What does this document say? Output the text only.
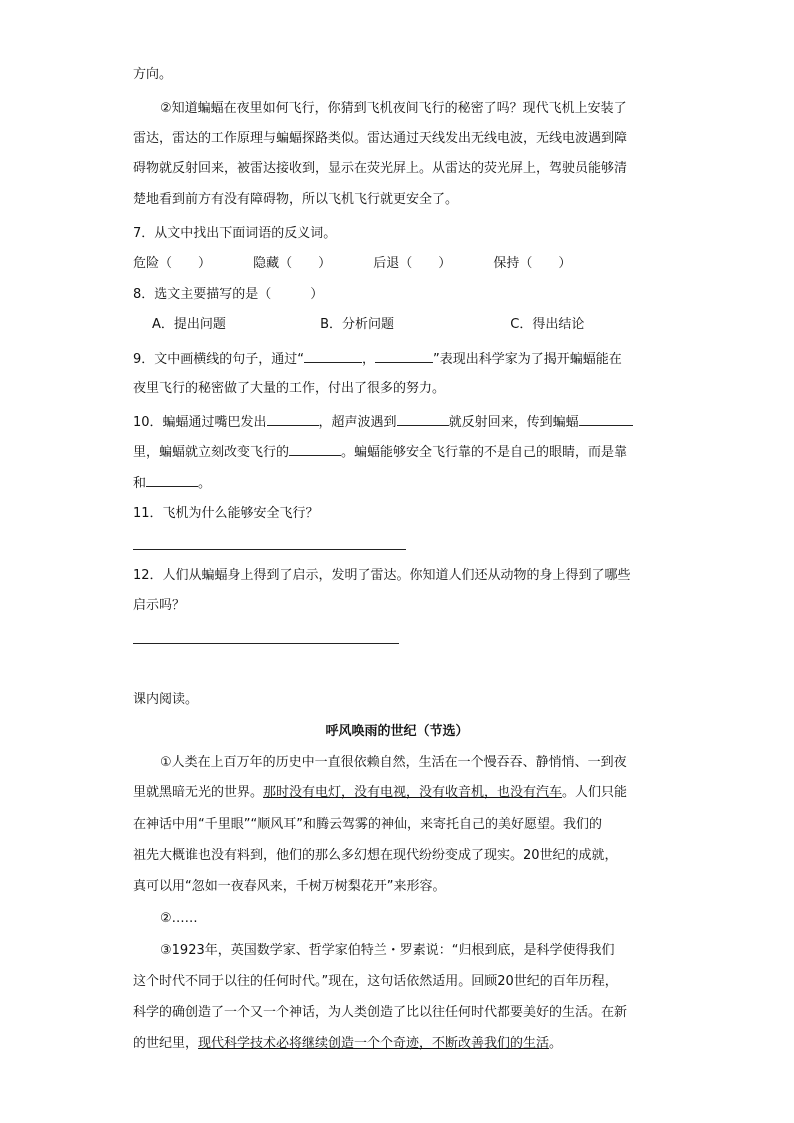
方向。
②知道蝙蝠在夜里如何飞行，你猜到飞机夜间飞行的秘密了吗？现代飞机上安装了
雷达，雷达的工作原理与蝙蝠探路类似。雷达通过天线发出无线电波，无线电波遇到障
碍物就反射回来，被雷达接收到，显示在荧光屏上。从雷达的荧光屏上，驾驶员能够清
楚地看到前方有没有障碍物，所以飞机飞行就更安全了。
7．从文中找出下面词语的反义词。
危险（　　）	隐藏（　　）	后退（　　）	保持（　　）
8．选文主要描写的是（　　　）
A．提出问题	B．分析问题	C．得出结论
9．文中画横线的句子，通过“	，	”表现出科学家为了揭开蝙蝠能在
夜里飞行的秘密做了大量的工作，付出了很多的努力。
10．蝙蝠通过嘴巴发出	，超声波遇到	就反射回来，传到蝙蝠
里，蝙蝠就立刻改变飞行的	。蝙蝠能够安全飞行靠的不是自己的眼睛，而是靠
和	。
11．飞机为什么能够安全飞行？
12．人们从蝙蝠身上得到了启示，发明了雷达。你知道人们还从动物的身上得到了哪些
启示吗？
课内阅读。
呼风唤雨的世纪（节选）
①人类在上百万年的历史中一直很依赖自然，生活在一个慢吞吞、静悄悄、一到夜
里就黑暗无光的世界。那时没有电灯，没有电视，没有收音机，也没有汽车。人们只能
在神话中用“千里眼”“顺风耳”和腾云驾雾的神仙，来寄托自己的美好愿望。我们的
祖先大概谁也没有料到，他们的那么多幻想在现代纷纷变成了现实。20世纪的成就，
真可以用“忽如一夜春风来，千树万树梨花开”来形容。
②……
③1923年，英国数学家、哲学家伯特兰・罗素说：“归根到底，是科学使得我们
这个时代不同于以往的任何时代。”现在，这句话依然适用。回顾20世纪的百年历程，
科学的确创造了一个又一个神话，为人类创造了比以往任何时代都要美好的生活。在新
的世纪里，现代科学技术必将继续创造一个个奇迹，不断改善我们的生活。
